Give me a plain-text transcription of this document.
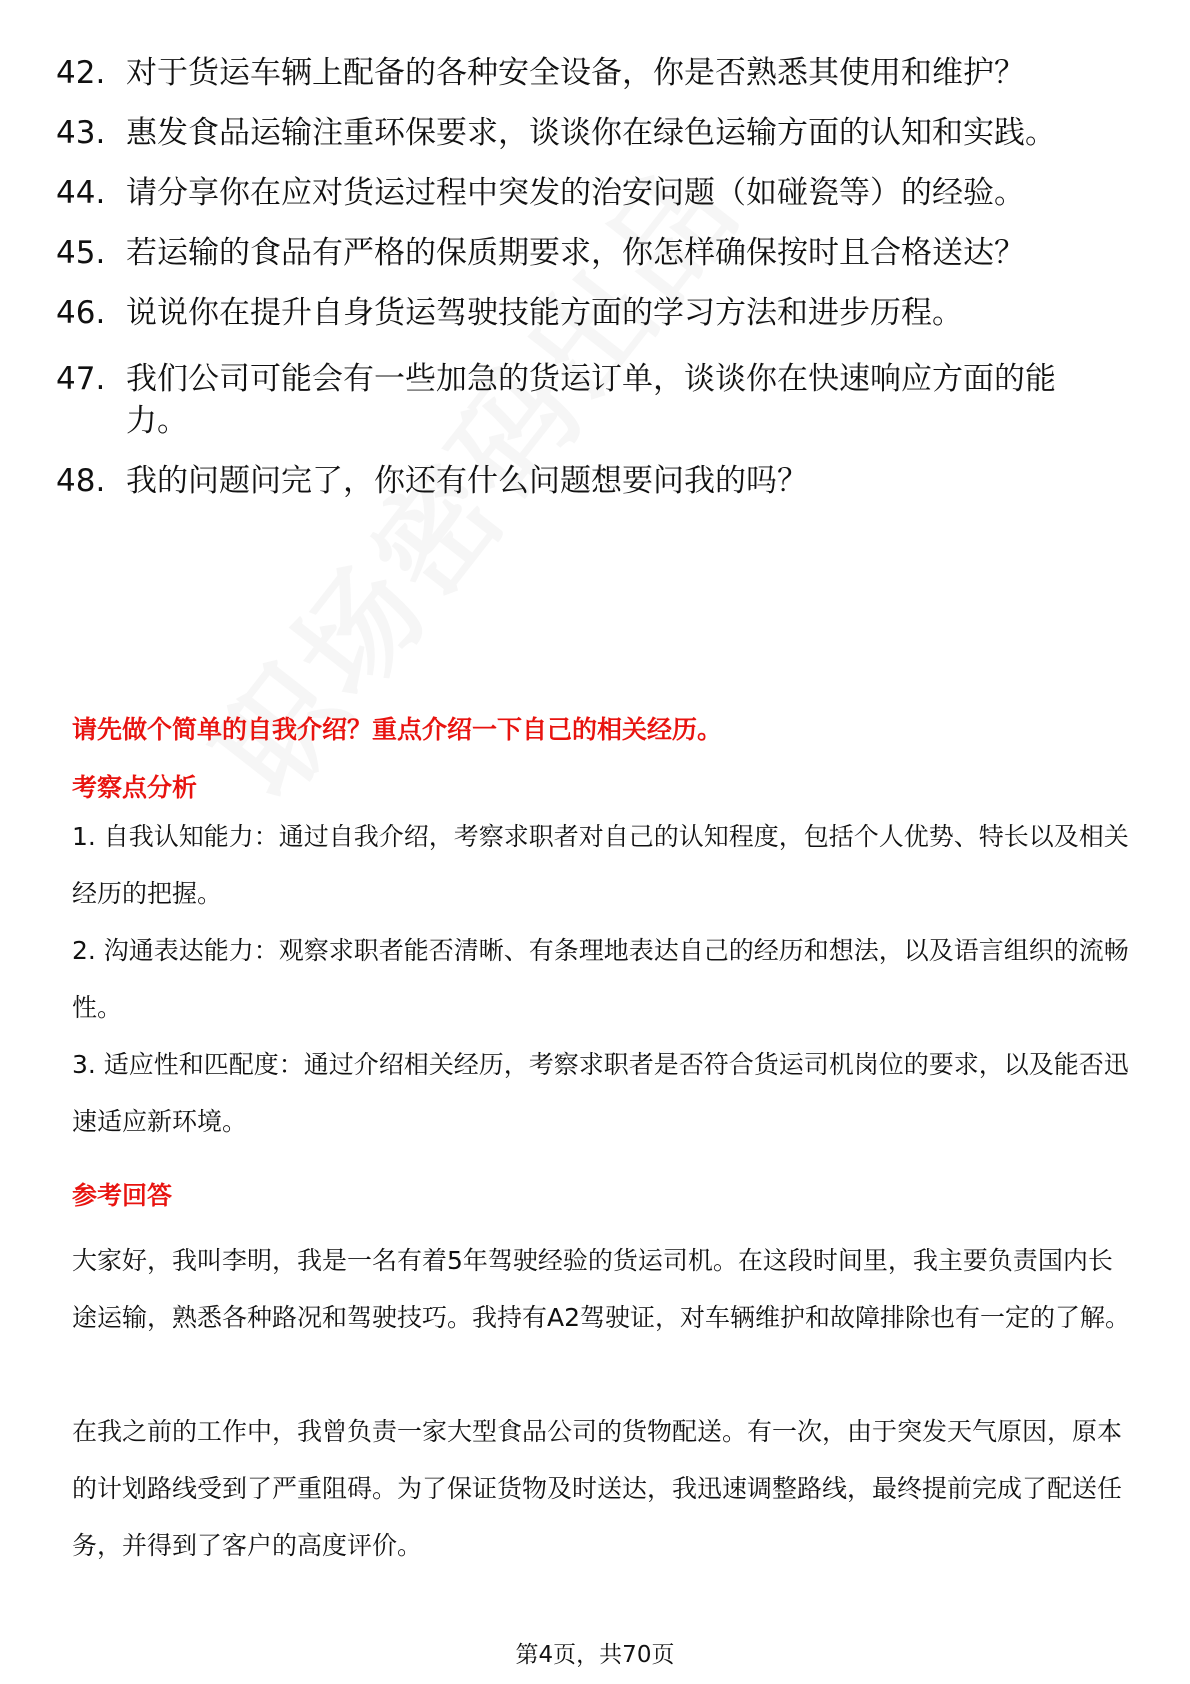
42. 对于货运车辆上配备的各种安全设备，你是否熟悉其使用和维护？
43. 惠发食品运输注重环保要求，谈谈你在绿色运输方面的认知和实践。
44. 请分享你在应对货运过程中突发的治安问题（如碰瓷等）的经验。
45. 若运输的食品有严格的保质期要求，你怎样确保按时且合格送达？
46. 说说你在提升自身货运驾驶技能方面的学习方法和进步历程。
47. 我们公司可能会有一些加急的货运订单，谈谈你在快速响应方面的能力。
48. 我的问题问完了，你还有什么问题想要问我的吗？
请先做个简单的自我介绍？重点介绍一下自己的相关经历。
考察点分析
1. 自我认知能力：通过自我介绍，考察求职者对自己的认知程度，包括个人优势、特长以及相关经历的把握。
2. 沟通表达能力：观察求职者能否清晰、有条理地表达自己的经历和想法，以及语言组织的流畅性。
3. 适应性和匹配度：通过介绍相关经历，考察求职者是否符合货运司机岗位的要求，以及能否迅速适应新环境。
参考回答

大家好，我叫李明，我是一名有着5年驾驶经验的货运司机。在这段时间里，我主要负责国内长途运输，熟悉各种路况和驾驶技巧。我持有A2驾驶证，对车辆维护和故障排除也有一定的了解。

在我之前的工作中，我曾负责一家大型食品公司的货物配送。有一次，由于突发天气原因，原本的计划路线受到了严重阻碍。为了保证货物及时送达，我迅速调整路线，最终提前完成了配送任务，并得到了客户的高度评价。

第4页，共70页
